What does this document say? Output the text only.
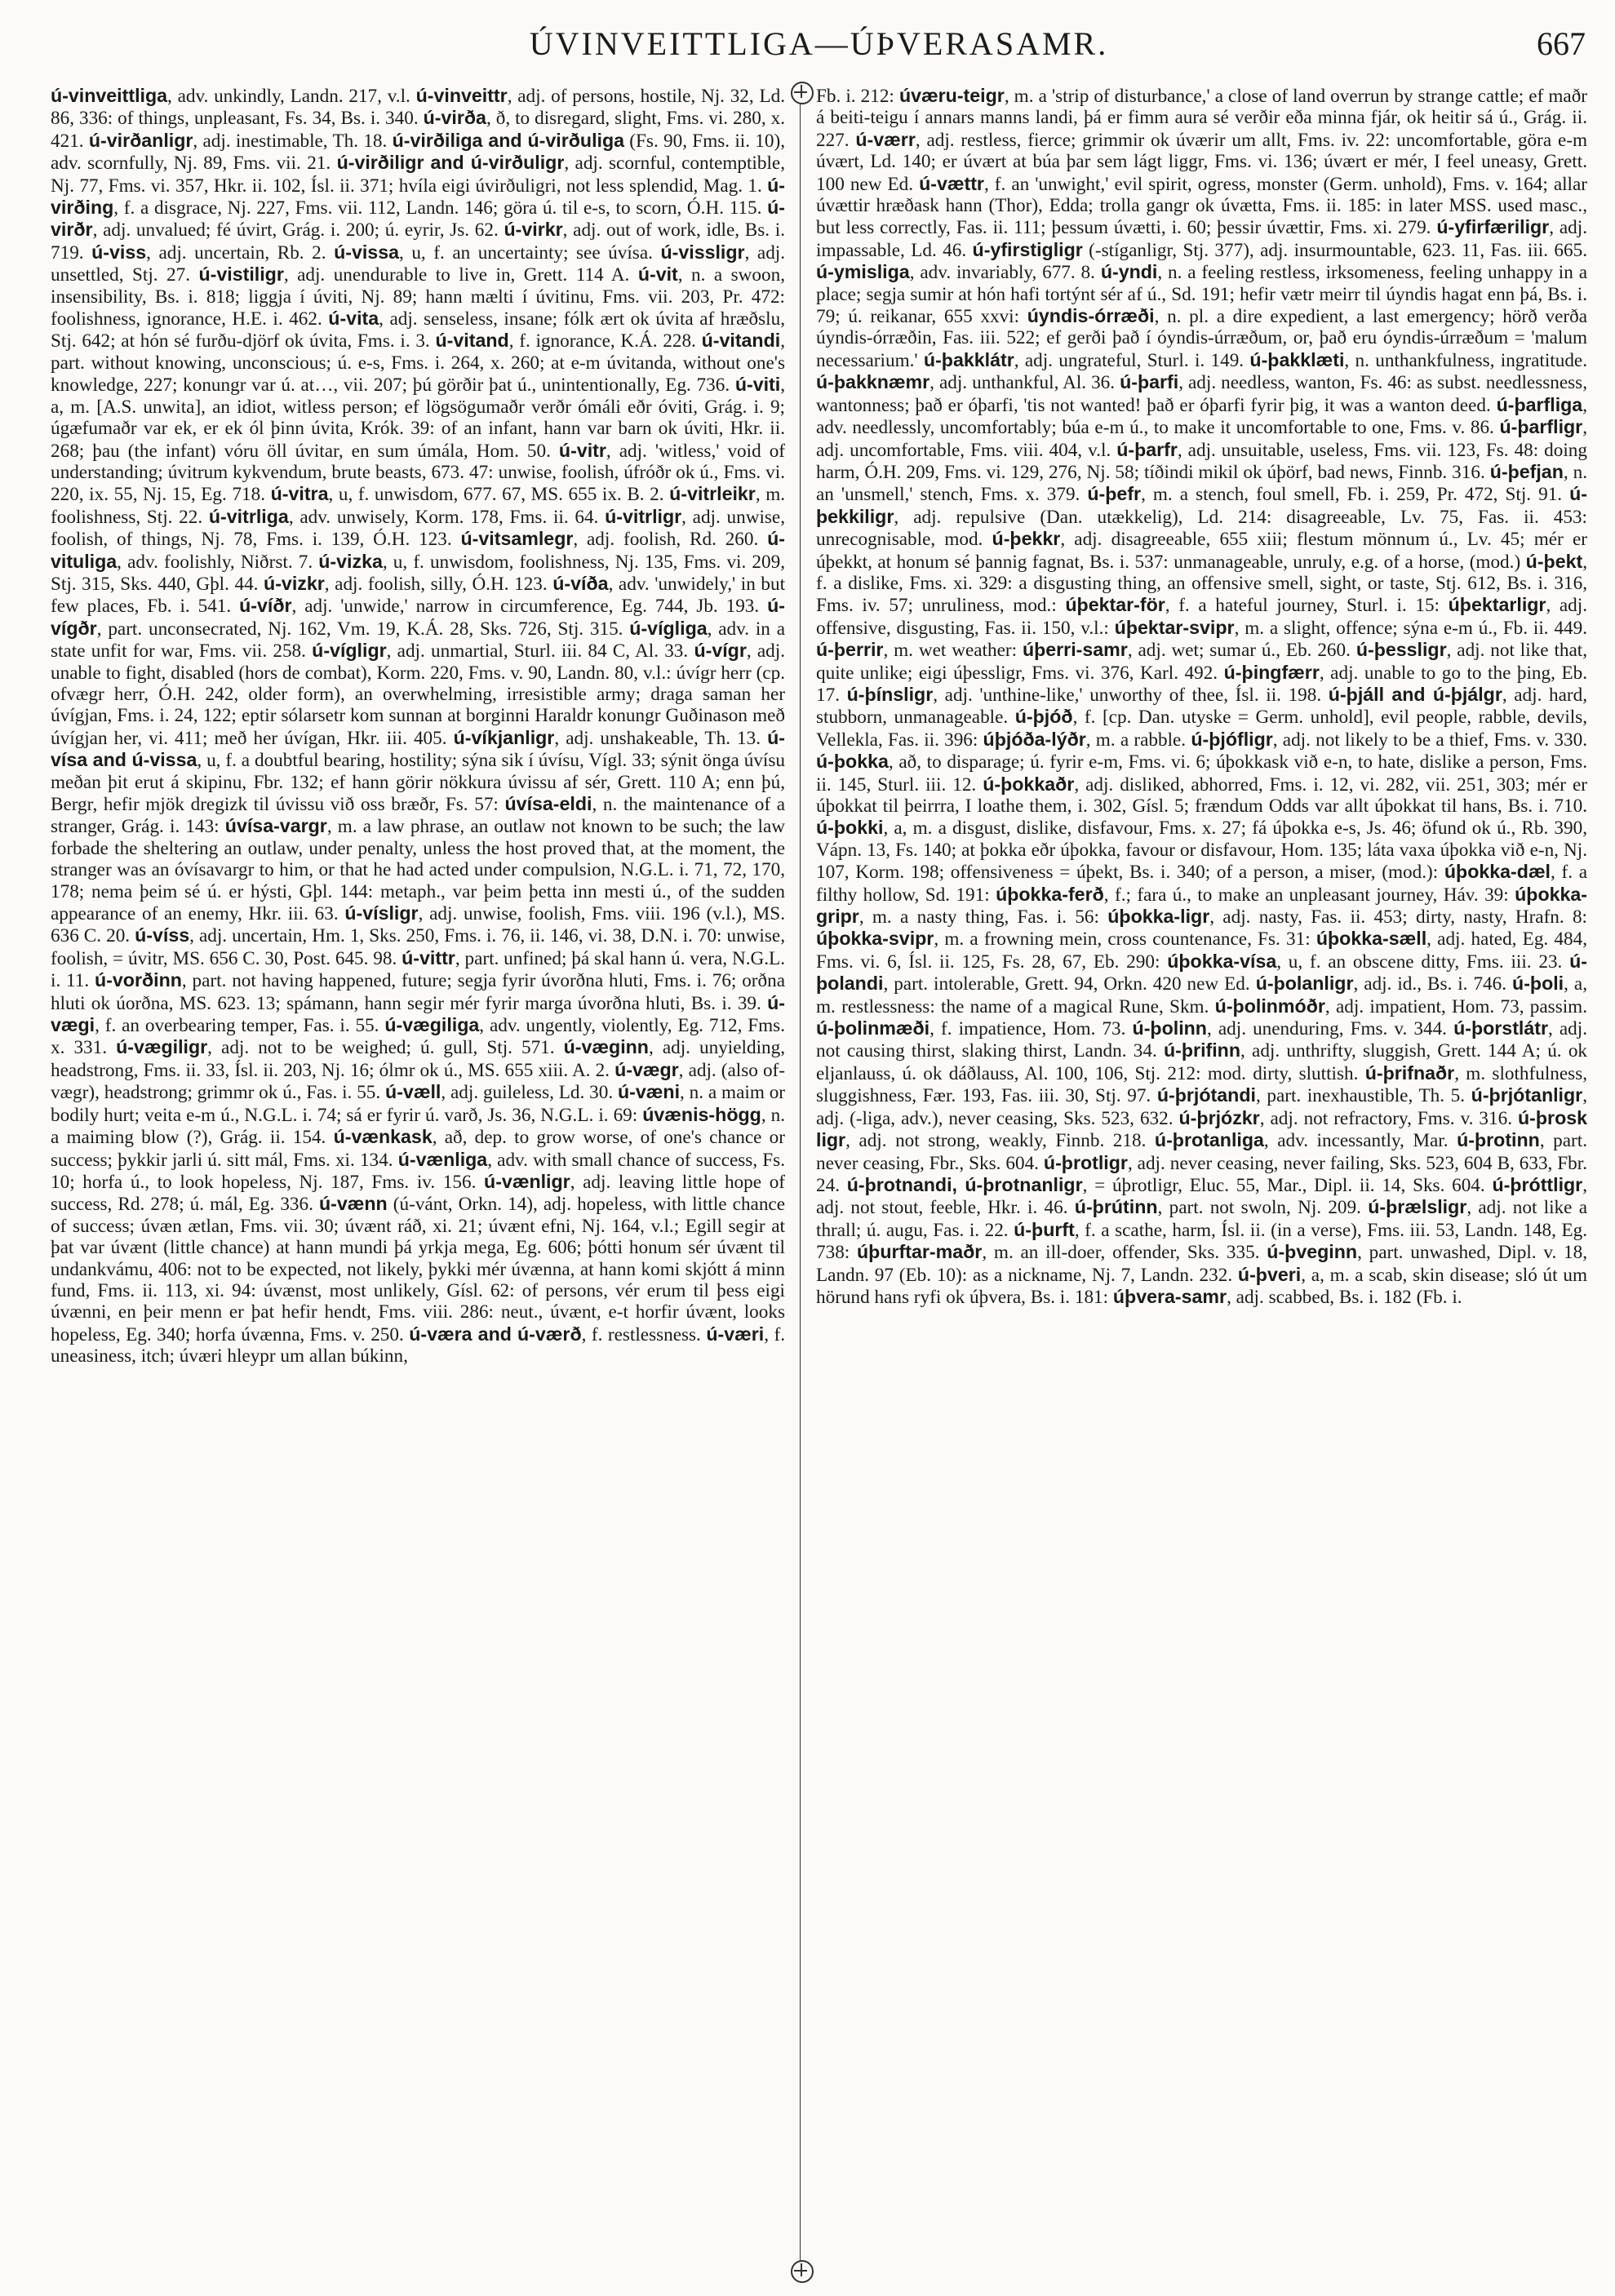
ÚVINVEITTLIGA—ÚÞVERASAMR.	667
ú-vinveittliga, adv. unkindly, Landn. 217, v.l. ú-vinveittr, adj. of persons, hostile, Nj. 32, Ld. 86, 336: of things, unpleasant, Fs. 34, Bs. i. 340. ú-virða, ð, to disregard, slight, Fms. vi. 280, x. 421. ú-virðanligr, adj. inestimable, Th. 18. ú-virðiliga and ú-virðuliga (Fs. 90, Fms. ii. 10), adv. scornfully, Nj. 89, Fms. vii. 21. ú-virðiligr and ú-virðuligr, adj. scornful, contemptible, Nj. 77, Fms. vi. 357, Hkr. ii. 102, Ísl. ii. 371; hvíla eigi úvirðuligri, not less splendid, Mag. 1. ú-virðing, f. a disgrace, Nj. 227, Fms. vii. 112, Landn. 146; göra ú. til e-s, to scorn, Ó.H. 115. ú-virðr, adj. unvalued; fé úvirt, Grág. i. 200; ú. eyrir, Js. 62. ú-virkr, adj. out of work, idle, Bs. i. 719. ú-viss, adj. uncertain, Rb. 2. ú-vissa, u, f. an uncertainty; see úvísa. ú-vissligr, adj. unsettled, Stj. 27. ú-vistiligr, adj. unendurable to live in, Grett. 114 A. ú-vit, n. a swoon, insensibility, Bs. i. 818; liggja í úviti, Nj. 89; hann mælti í úvitinu, Fms. vii. 203, Pr. 472: foolishness, ignorance, H.E. i. 462. ú-vita, adj. senseless, insane; fólk ært ok úvita af hræðslu, Stj. 642; at hón sé furðu-djörf ok úvita, Fms. i. 3. ú-vitand, f. ignorance, K.Á. 228. ú-vitandi, part. without knowing, unconscious; ú. e-s, Fms. i. 264, x. 260; at e-m úvitanda, without one's knowledge, 227; konungr var ú. at…, vii. 207; þú görðir þat ú., unintentionally, Eg. 736. ú-viti, a, m. [A.S. unwita], an idiot, witless person; ef lögsögumaðr verðr ómáli eðr óviti, Grág. i. 9; úgæfumaðr var ek, er ek ól þinn úvita, Krók. 39: of an infant, hann var barn ok úviti, Hkr. ii. 268; þau (the infant) vóru öll úvitar, en sum úmála, Hom. 50. ú-vitr, adj. 'witless,' void of understanding; úvitrum kykvendum, brute beasts, 673. 47: unwise, foolish, úfróðr ok ú., Fms. vi. 220, ix. 55, Nj. 15, Eg. 718. ú-vitra, u, f. unwisdom, 677. 67, MS. 655 ix. B. 2. ú-vitrleikr, m. foolishness, Stj. 22. ú-vitrliga, adv. unwisely, Korm. 178, Fms. ii. 64. ú-vitrligr, adj. unwise, foolish, of things, Nj. 78, Fms. i. 139, Ó.H. 123. ú-vitsamlegr, adj. foolish, Rd. 260. ú-vituliga, adv. foolishly, Niðrst. 7. ú-vizka, u, f. unwisdom, foolishness, Nj. 135, Fms. vi. 209, Stj. 315, Sks. 440, Gþl. 44. ú-vizkr, adj. foolish, silly, Ó.H. 123. ú-víða, adv. 'unwidely,' in but few places, Fb. i. 541. ú-víðr, adj. 'unwide,' narrow in circumference, Eg. 744, Jb. 193. ú-vígðr, part. unconsecrated, Nj. 162, Vm. 19, K.Á. 28, Sks. 726, Stj. 315. ú-vígliga, adv. in a state unfit for war, Fms. vii. 258. ú-vígligr, adj. unmartial, Sturl. iii. 84 C, Al. 33. ú-vígr, adj. unable to fight, disabled (hors de combat), Korm. 220, Fms. v. 90, Landn. 80, v.l.: úvígr herr (cp. ofvægr herr, Ó.H. 242, older form), an overwhelming, irresistible army; draga saman her úvígjan, Fms. i. 24, 122; eptir sólarsetr kom sunnan at borginni Haraldr konungr Guðinason með úvígjan her, vi. 411; með her úvígan, Hkr. iii. 405. ú-víkjanligr, adj. unshakeable, Th. 13. ú-vísa and ú-vissa, u, f. a doubtful bearing, hostility; sýna sik í úvísu, Vígl. 33; sýnit önga úvísu meðan þit erut á skipinu, Fbr. 132; ef hann görir nökkura úvissu af sér, Grett. 110 A; enn þú, Bergr, hefir mjök dregizk til úvissu við oss bræðr, Fs. 57: úvísa-eldi, n. the maintenance of a stranger, Grág. i. 143: úvísa-vargr, m. a law phrase, an outlaw not known to be such; the law forbade the sheltering an outlaw, under penalty, unless the host proved that, at the moment, the stranger was an óvísavargr to him, or that he had acted under compulsion, N.G.L. i. 71, 72, 170, 178; nema þeim sé ú. er hýsti, Gþl. 144: metaph., var þeim þetta inn mesti ú., of the sudden appearance of an enemy, Hkr. iii. 63. ú-vísligr, adj. unwise, foolish, Fms. viii. 196 (v.l.), MS. 636 C. 20. ú-víss, adj. uncertain, Hm. 1, Sks. 250, Fms. i. 76, ii. 146, vi. 38, D.N. i. 70: unwise, foolish, = úvitr, MS. 656 C. 30, Post. 645. 98. ú-vittr, part. unfined; þá skal hann ú. vera, N.G.L. i. 11. ú-vorðinn, part. not having happened, future; segja fyrir úvorðna hluti, Fms. i. 76; orðna hluti ok úorðna, MS. 623. 13; spámann, hann segir mér fyrir marga úvorðna hluti, Bs. i. 39. ú-vægi, f. an overbearing temper, Fas. i. 55. ú-vægiliga, adv. ungently, violently, Eg. 712, Fms. x. 331. ú-vægiligr, adj. not to be weighed; ú. gull, Stj. 571. ú-væginn, adj. unyielding, headstrong, Fms. ii. 33, Ísl. ii. 203, Nj. 16; ólmr ok ú., MS. 655 xiii. A. 2. ú-vægr, adj. (also of-vægr), headstrong; grimmr ok ú., Fas. i. 55. ú-væll, adj. guileless, Ld. 30. ú-væni, n. a maim or bodily hurt; veita e-m ú., N.G.L. i. 74; sá er fyrir ú. varð, Js. 36, N.G.L. i. 69: úvænis-högg, n. a maiming blow (?), Grág. ii. 154. ú-vænkask, að, dep. to grow worse, of one's chance or success; þykkir jarli ú. sitt mál, Fms. xi. 134. ú-vænliga, adv. with small chance of success, Fs. 10; horfa ú., to look hopeless, Nj. 187, Fms. iv. 156. ú-vænligr, adj. leaving little hope of success, Rd. 278; ú. mál, Eg. 336. ú-vænn (ú-vánt, Orkn. 14), adj. hopeless, with little chance of success; úvæn ætlan, Fms. vii. 30; úvænt ráð, xi. 21; úvænt efni, Nj. 164, v.l.; Egill segir at þat var úvænt (little chance) at hann mundi þá yrkja mega, Eg. 606; þótti honum sér úvænt til undankvámu, 406: not to be expected, not likely, þykki mér úvænna, at hann komi skjótt á minn fund, Fms. ii. 113, xi. 94: úvænst, most unlikely, Gísl. 62: of persons, vér erum til þess eigi úvænni, en þeir menn er þat hefir hendt, Fms. viii. 286: neut., úvænt, e-t horfir úvænt, looks hopeless, Eg. 340; horfa úvænna, Fms. v. 250. ú-væra and ú-værð, f. restlessness. ú-væri, f. uneasiness, itch; úværi hleypr um allan búkinn,
Fb. i. 212: úværu-teigr, m. a 'strip of disturbance,' a close of land overrun by strange cattle; ef maðr á beiti-teigu í annars manns landi, þá er fimm aura sé verðir eða minna fjár, ok heitir sá ú., Grág. ii. 227. ú-værr, adj. restless, fierce; grimmir ok úværir um allt, Fms. iv. 22: uncomfortable, göra e-m úvært, Ld. 140; er úvært at búa þar sem lágt liggr, Fms. vi. 136; úvært er mér, I feel uneasy, Grett. 100 new Ed. ú-vættr, f. an 'unwight,' evil spirit, ogress, monster (Germ. unhold), Fms. v. 164; allar úvættir hræðask hann (Thor), Edda; trolla gangr ok úvætta, Fms. ii. 185: in later MSS. used masc., but less correctly, Fas. ii. 111; þessum úvætti, i. 60; þessir úvættir, Fms. xi. 279. ú-yfirfæriligr, adj. impassable, Ld. 46. ú-yfirstigligr (-stíganligr, Stj. 377), adj. insurmountable, 623. 11, Fas. iii. 665. ú-ymisliga, adv. invariably, 677. 8. ú-yndi, n. a feeling restless, irksomeness, feeling unhappy in a place; segja sumir at hón hafi tortýnt sér af ú., Sd. 191; hefir vætr meirr til úyndis hagat enn þá, Bs. i. 79; ú. reikanar, 655 xxvi: úyndis-órræði, n. pl. a dire expedient, a last emergency; hörð verða úyndis-órræðin, Fas. iii. 522; ef gerði það í óyndis-úrræðum, or, það eru óyndis-úrræðum = 'malum necessarium.' ú-þakklátr, adj. ungrateful, Sturl. i. 149. ú-þakklæti, n. unthankfulness, ingratitude. ú-þakknæmr, adj. unthankful, Al. 36. ú-þarfi, adj. needless, wanton, Fs. 46: as subst. needlessness, wantonness; það er óþarfi, 'tis not wanted! það er óþarfi fyrir þig, it was a wanton deed. ú-þarfliga, adv. needlessly, uncomfortably; búa e-m ú., to make it uncomfortable to one, Fms. v. 86. ú-þarfligr, adj. uncomfortable, Fms. viii. 404, v.l. ú-þarfr, adj. unsuitable, useless, Fms. vii. 123, Fs. 48: doing harm, Ó.H. 209, Fms. vi. 129, 276, Nj. 58; tíðindi mikil ok úþörf, bad news, Finnb. 316. ú-þefjan, n. an 'unsmell,' stench, Fms. x. 379. ú-þefr, m. a stench, foul smell, Fb. i. 259, Pr. 472, Stj. 91. ú-þekkiligr, adj. repulsive (Dan. utækkelig), Ld. 214: disagreeable, Lv. 75, Fas. ii. 453: unrecognisable, mod. ú-þekkr, adj. disagreeable, 655 xiii; flestum mönnum ú., Lv. 45; mér er úþekkt, at honum sé þannig fagnat, Bs. i. 537: unmanageable, unruly, e.g. of a horse, (mod.) ú-þekt, f. a dislike, Fms. xi. 329: a disgusting thing, an offensive smell, sight, or taste, Stj. 612, Bs. i. 316, Fms. iv. 57; unruliness, mod.: úþektar-för, f. a hateful journey, Sturl. i. 15: úþektarligr, adj. offensive, disgusting, Fas. ii. 150, v.l.: úþektar-svipr, m. a slight, offence; sýna e-m ú., Fb. ii. 449. ú-þerrir, m. wet weather: úþerri-samr, adj. wet; sumar ú., Eb. 260. ú-þessligr, adj. not like that, quite unlike; eigi úþessligr, Fms. vi. 376, Karl. 492. ú-þingfærr, adj. unable to go to the þing, Eb. 17. ú-þínsligr, adj. 'unthine-like,' unworthy of thee, Ísl. ii. 198. ú-þjáll and ú-þjálgr, adj. hard, stubborn, unmanageable. ú-þjóð, f. [cp. Dan. utyske = Germ. unhold], evil people, rabble, devils, Vellekla, Fas. ii. 396: úþjóða-lýðr, m. a rabble. ú-þjófligr, adj. not likely to be a thief, Fms. v. 330. ú-þokka, að, to disparage; ú. fyrir e-m, Fms. vi. 6; úþokkask við e-n, to hate, dislike a person, Fms. ii. 145, Sturl. iii. 12. ú-þokkaðr, adj. disliked, abhorred, Fms. i. 12, vi. 282, vii. 251, 303; mér er úþokkat til þeirrra, I loathe them, i. 302, Gísl. 5; frændum Odds var allt úþokkat til hans, Bs. i. 710. ú-þokki, a, m. a disgust, dislike, disfavour, Fms. x. 27; fá úþokka e-s, Js. 46; öfund ok ú., Rb. 390, Vápn. 13, Fs. 140; at þokka eðr úþokka, favour or disfavour, Hom. 135; láta vaxa úþokka við e-n, Nj. 107, Korm. 198; offensiveness = úþekt, Bs. i. 340; of a person, a miser, (mod.): úþokka-dæl, f. a filthy hollow, Sd. 191: úþokka-ferð, f.; fara ú., to make an unpleasant journey, Háv. 39: úþokka-gripr, m. a nasty thing, Fas. i. 56: úþokka-ligr, adj. nasty, Fas. ii. 453; dirty, nasty, Hrafn. 8: úþokka-svipr, m. a frowning mein, cross countenance, Fs. 31: úþokka-sæll, adj. hated, Eg. 484, Fms. vi. 6, Ísl. ii. 125, Fs. 28, 67, Eb. 290: úþokka-vísa, u, f. an obscene ditty, Fms. iii. 23. ú-þolandi, part. intolerable, Grett. 94, Orkn. 420 new Ed. ú-þolanligr, adj. id., Bs. i. 746. ú-þoli, a, m. restlessness: the name of a magical Rune, Skm. ú-þolinmóðr, adj. impatient, Hom. 73, passim. ú-þolinmæði, f. impatience, Hom. 73. ú-þolinn, adj. unenduring, Fms. v. 344. ú-þorstlátr, adj. not causing thirst, slaking thirst, Landn. 34. ú-þrifinn, adj. unthrifty, sluggish, Grett. 144 A; ú. ok eljanlauss, ú. ok dáðlauss, Al. 100, 106, Stj. 212: mod. dirty, sluttish. ú-þrifnaðr, m. slothfulness, sluggishness, Fær. 193, Fas. iii. 30, Stj. 97. ú-þrjótandi, part. inexhaustible, Th. 5. ú-þrjótanligr, adj. (-liga, adv.), never ceasing, Sks. 523, 632. ú-þrjózkr, adj. not refractory, Fms. v. 316. ú-þrosk ligr, adj. not strong, weakly, Finnb. 218. ú-þrotanliga, adv. incessantly, Mar. ú-þrotinn, part. never ceasing, Fbr., Sks. 604. ú-þrotligr, adj. never ceasing, never failing, Sks. 523, 604 B, 633, Fbr. 24. ú-þrotnandi, ú-þrotnanligr, = úþrotligr, Eluc. 55, Mar., Dipl. ii. 14, Sks. 604. ú-þróttligr, adj. not stout, feeble, Hkr. i. 46. ú-þrútinn, part. not swoln, Nj. 209. ú-þrælsligr, adj. not like a thrall; ú. augu, Fas. i. 22. ú-þurft, f. a scathe, harm, Ísl. ii. (in a verse), Fms. iii. 53, Landn. 148, Eg. 738: úþurftar-maðr, m. an ill-doer, offender, Sks. 335. ú-þveginn, part. unwashed, Dipl. v. 18, Landn. 97 (Eb. 10): as a nickname, Nj. 7, Landn. 232. ú-þveri, a, m. a scab, skin disease; sló út um hörund hans ryfi ok úþvera, Bs. i. 181: úþvera-samr, adj. scabbed, Bs. i. 182 (Fb. i.
